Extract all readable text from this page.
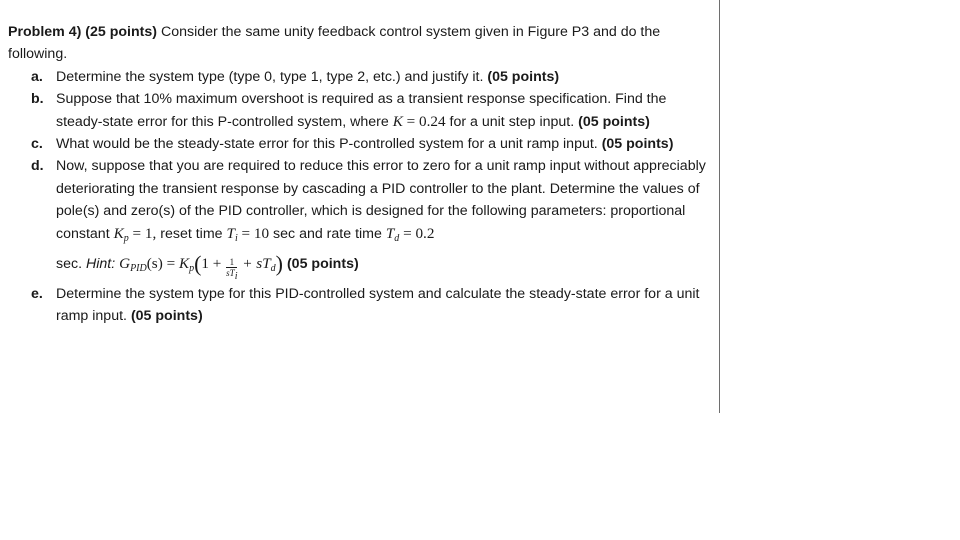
Problem 4) (25 points) Consider the same unity feedback control system given in Figure P3 and do the following.

a. Determine the system type (type 0, type 1, type 2, etc.) and justify it. (05 points)
b. Suppose that 10% maximum overshoot is required as a transient response specification. Find the steady-state error for this P-controlled system, where K = 0.24 for a unit step input. (05 points)
c. What would be the steady-state error for this P-controlled system for a unit ramp input. (05 points)
d. Now, suppose that you are required to reduce this error to zero for a unit ramp input without appreciably deteriorating the transient response by cascading a PID controller to the plant. Determine the values of pole(s) and zero(s) of the PID controller, which is designed for the following parameters: proportional constant $K_p = 1$, reset time $T_i = 10$ sec and rate time $T_d = 0.2$
sec. Hint: $G_{PID}(s) = K_p(1 + \frac{1}{\text{sTi}} + sT_d)$ (05 points)
e. Determine the system type for this PID-controlled system and calculate the steady-state error for a unit ramp input. (05 points)
